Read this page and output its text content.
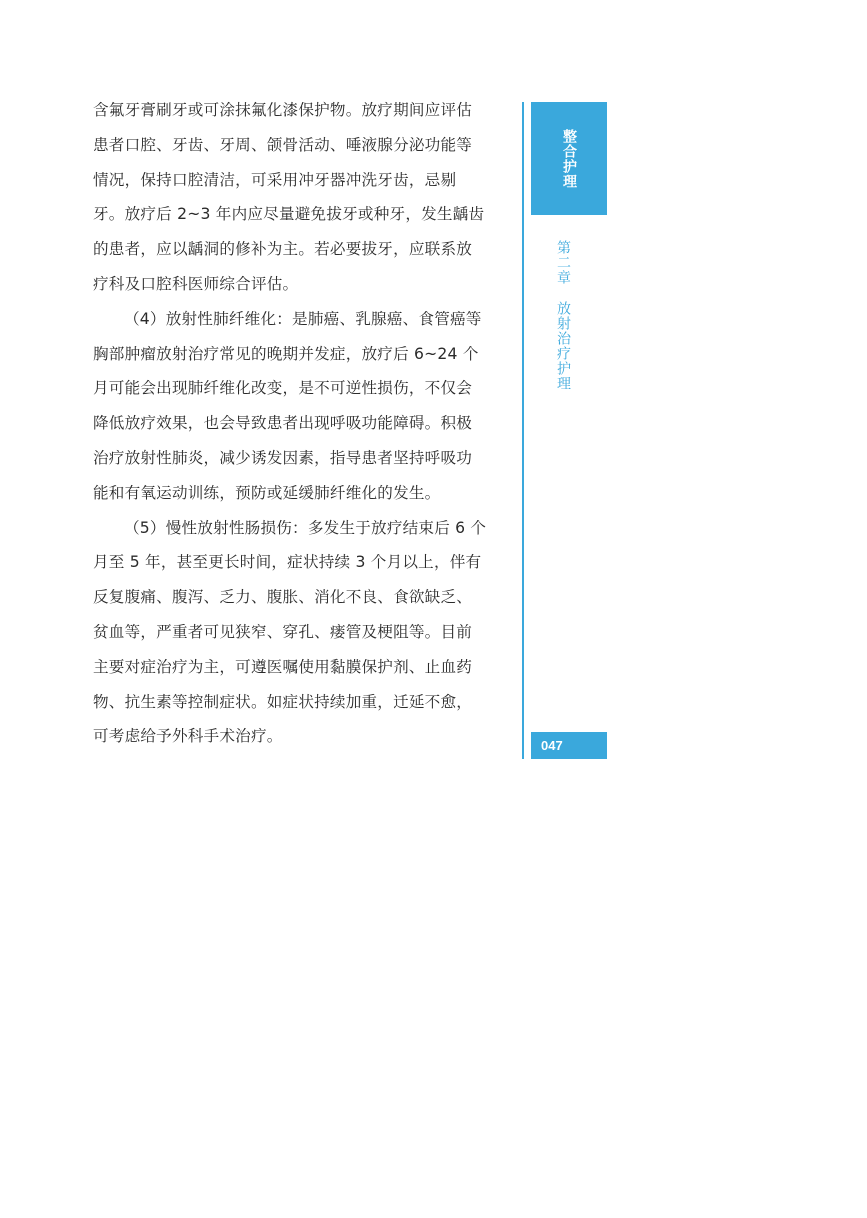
含氟牙膏刷牙或可涂抹氟化漆保护物。放疗期间应评估
患者口腔、牙齿、牙周、颌骨活动、唾液腺分泌功能等
情况，保持口腔清洁，可采用冲牙器冲洗牙齿，忌剔
牙。放疗后 2~3 年内应尽量避免拔牙或种牙，发生龋齿
的患者，应以龋洞的修补为主。若必要拔牙，应联系放
疗科及口腔科医师综合评估。
（4）放射性肺纤维化：是肺癌、乳腺癌、食管癌等
胸部肿瘤放射治疗常见的晚期并发症，放疗后 6~24 个
月可能会出现肺纤维化改变，是不可逆性损伤，不仅会
降低放疗效果，也会导致患者出现呼吸功能障碍。积极
治疗放射性肺炎，减少诱发因素，指导患者坚持呼吸功
能和有氧运动训练，预防或延缓肺纤维化的发生。
（5）慢性放射性肠损伤：多发生于放疗结束后 6 个
月至 5 年，甚至更长时间，症状持续 3 个月以上，伴有
反复腹痛、腹泻、乏力、腹胀、消化不良、食欲缺乏、
贫血等，严重者可见狭窄、穿孔、瘘管及梗阻等。目前
主要对症治疗为主，可遵医嘱使用黏膜保护剂、止血药
物、抗生素等控制症状。如症状持续加重，迁延不愈，
可考虑给予外科手术治疗。
整合护理
第二章放射治疗护理
047
